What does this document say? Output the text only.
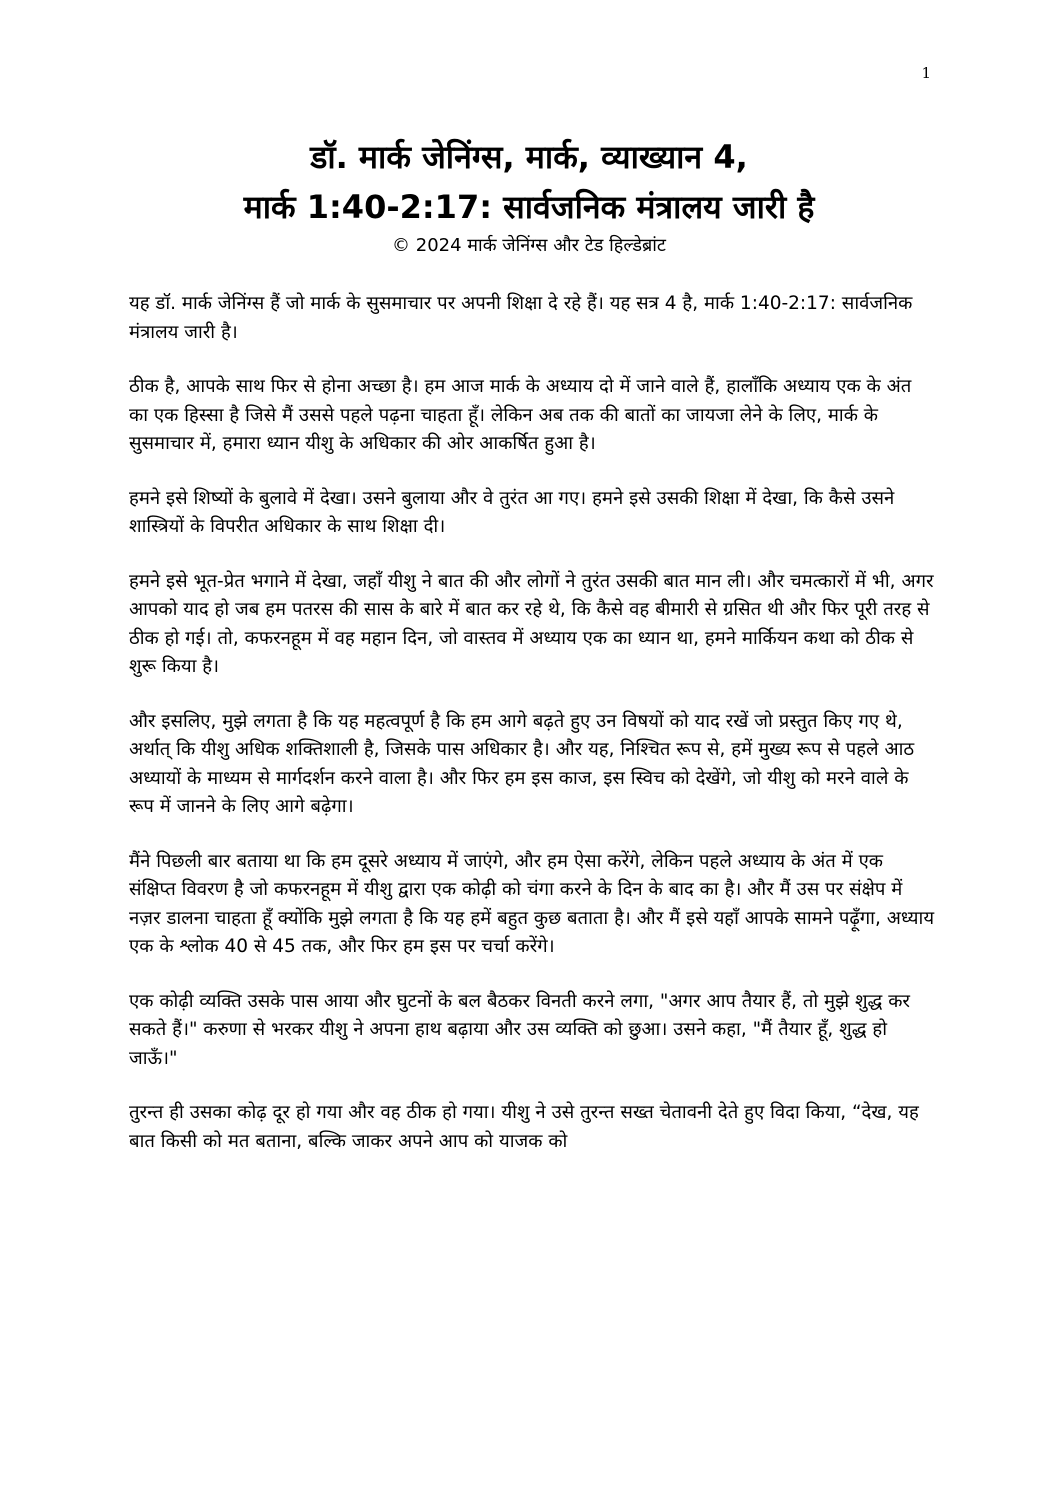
1
डॉ. मार्क जेनिंग्स, मार्क, व्याख्यान 4,
मार्क 1:40-2:17: सार्वजनिक मंत्रालय जारी है
© 2024 मार्क जेनिंग्स और टेड हिल्डेब्रांट

यह डॉ. मार्क जेनिंग्स हैं जो मार्क के सुसमाचार पर अपनी शिक्षा दे रहे हैं। यह सत्र 4 है, मार्क 1:40-2:17: सार्वजनिक मंत्रालय जारी है।

ठीक है, आपके साथ फिर से होना अच्छा है। हम आज मार्क के अध्याय दो में जाने वाले हैं, हालाँकि अध्याय एक के अंत का एक हिस्सा है जिसे मैं उससे पहले पढ़ना चाहता हूँ। लेकिन अब तक की बातों का जायजा लेने के लिए, मार्क के सुसमाचार में, हमारा ध्यान यीशु के अधिकार की ओर आकर्षित हुआ है।

हमने इसे शिष्यों के बुलावे में देखा। उसने बुलाया और वे तुरंत आ गए। हमने इसे उसकी शिक्षा में देखा, कि कैसे उसने शास्त्रियों के विपरीत अधिकार के साथ शिक्षा दी।

हमने इसे भूत-प्रेत भगाने में देखा, जहाँ यीशु ने बात की और लोगों ने तुरंत उसकी बात मान ली। और चमत्कारों में भी, अगर आपको याद हो जब हम पतरस की सास के बारे में बात कर रहे थे, कि कैसे वह बीमारी से ग्रसित थी और फिर पूरी तरह से ठीक हो गई। तो, कफरनहूम में वह महान दिन, जो वास्तव में अध्याय एक का ध्यान था, हमने मार्कियन कथा को ठीक से शुरू किया है।

और इसलिए, मुझे लगता है कि यह महत्वपूर्ण है कि हम आगे बढ़ते हुए उन विषयों को याद रखें जो प्रस्तुत किए गए थे, अर्थात् कि यीशु अधिक शक्तिशाली है, जिसके पास अधिकार है। और यह, निश्चित रूप से, हमें मुख्य रूप से पहले आठ अध्यायों के माध्यम से मार्गदर्शन करने वाला है। और फिर हम इस काज, इस स्विच को देखेंगे, जो यीशु को मरने वाले के रूप में जानने के लिए आगे बढ़ेगा।

मैंने पिछली बार बताया था कि हम दूसरे अध्याय में जाएंगे, और हम ऐसा करेंगे, लेकिन पहले अध्याय के अंत में एक संक्षिप्त विवरण है जो कफरनहूम में यीशु द्वारा एक कोढ़ी को चंगा करने के दिन के बाद का है। और मैं उस पर संक्षेप में नज़र डालना चाहता हूँ क्योंकि मुझे लगता है कि यह हमें बहुत कुछ बताता है। और मैं इसे यहाँ आपके सामने पढ़ूँगा, अध्याय एक के श्लोक 40 से 45 तक, और फिर हम इस पर चर्चा करेंगे।

एक कोढ़ी व्यक्ति उसके पास आया और घुटनों के बल बैठकर विनती करने लगा, "अगर आप तैयार हैं, तो मुझे शुद्ध कर सकते हैं।" करुणा से भरकर यीशु ने अपना हाथ बढ़ाया और उस व्यक्ति को छुआ। उसने कहा, "मैं तैयार हूँ, शुद्ध हो जाऊँ।"

तुरन्त ही उसका कोढ़ दूर हो गया और वह ठीक हो गया। यीशु ने उसे तुरन्त सख्त चेतावनी देते हुए विदा किया, “देख, यह बात किसी को मत बताना, बल्कि जाकर अपने आप को याजक को
